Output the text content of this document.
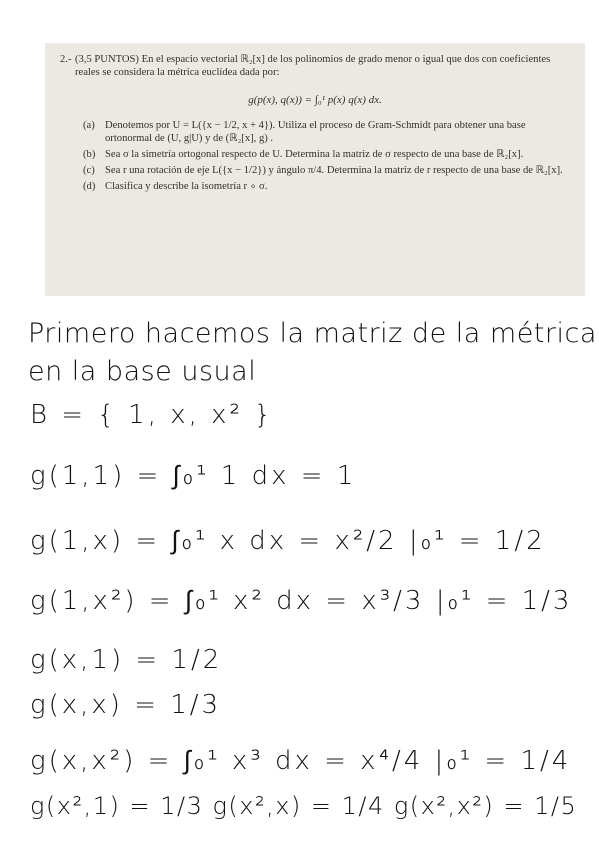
2.- (3,5 PUNTOS) En el espacio vectorial ℝ₂[x] de los polinomios de grado menor o igual que dos con coeficientes reales se considera la métrica euclídea dada por:
g(p(x), q(x)) = ∫₀¹ p(x) q(x) dx.
(a) Denotemos por U = L({x − 1/2, x + 4}). Utiliza el proceso de Gram-Schmidt para obtener una base ortonormal de (U, g|U) y de (ℝ₂[x], g) .
(b) Sea σ la simetría ortogonal respecto de U. Determina la matriz de σ respecto de una base de ℝ₂[x].
(c) Sea r una rotación de eje L({x − 1/2}) y ángulo π/4. Determina la matriz de r respecto de una base de ℝ₂[x].
(d) Clasifica y describe la isometría r ∘ σ.
Primero hacemos la matriz de la métrica
en la base usual
B = { 1, x, x² }
g(1,1) = ∫₀¹ 1 dx = 1
g(1,x) = ∫₀¹ x dx = x²/2 |₀¹ = 1/2
g(1,x²) = ∫₀¹ x² dx = x³/3 |₀¹ = 1/3
g(x,1) = 1/2
g(x,x) = 1/3
g(x,x²) = ∫₀¹ x³ dx = x⁴/4 |₀¹ = 1/4
g(x²,1) = 1/3 g(x²,x) = 1/4 g(x²,x²) = 1/5
